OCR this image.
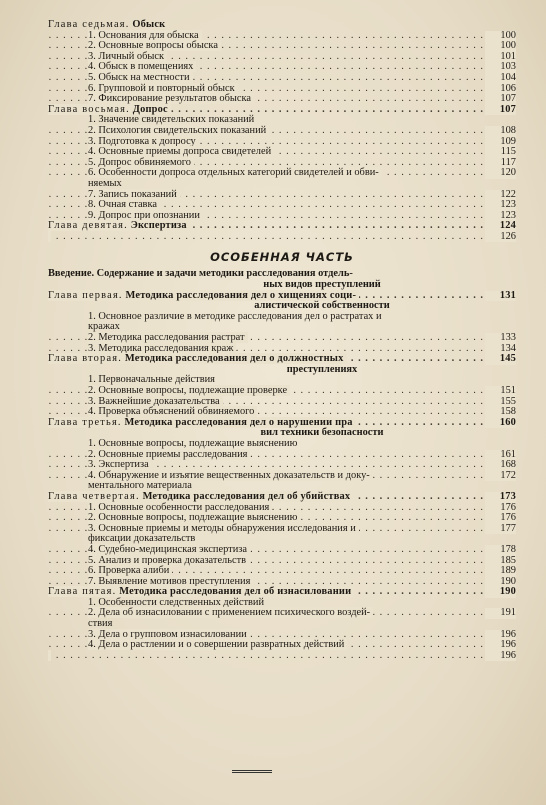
Глава седьмая. Обыск
1. Основания для обыска	100
. . .
2. Основные вопросы обыска	100
. . .
3. Личный обыск	101
. . .
4. Обыск в помещениях	103
. . .
5. Обыск на местности	104
. . .
6. Групповой и повторный обыск	106
. . .
7. Фиксирование результатов обыска	107
. . .
Глава восьмая. Допрос	107
. . .
1. Значение свидетельских показаний
2. Психология свидетельских показаний	108
. . .
3. Подготовка к допросу	109
. . .
4. Основные приемы допроса свидетелей	115
. . .
5. Допрос обвиняемого	117
. . .
6. Особенности допроса отдельных категорий свидетелей и обви-	120
. . .
няемых
7. Запись показаний	122
. . .
8. Очная ставка	123
. . .
9. Допрос при опознании	123
. . .
Глава девятая. Экспертиза	124
. . .
126
. . .
ОСОБЕННАЯ ЧАСТЬ
Введение. Содержание и задачи методики расследования отдель-
ных видов преступлений
Глава первая. Методика расследования дел о хищениях соци-	131
. . .
алистической собственности
1. Основное различие в методике расследования дел о растратах и
кражах
2. Методика расследования растрат	133
. . .
3. Методика расследования краж	134
. . .
Глава вторая. Методика расследования дел о должностных	145
. . .
преступлениях
1. Первоначальные действия
2. Основные вопросы, подлежащие проверке	151
. . .
3. Важнейшие доказательства	155
. . .
4. Проверка объяснений обвиняемого	158
. . .
Глава третья. Методика расследования дел о нарушении пра	160
. . .
вил техники безопасности
1. Основные вопросы, подлежащие выяснению
2. Основные приемы расследования	161
. . .
3. Экспертиза	168
. . .
4. Обнаружение и изъятие вещественных доказательств и доку-	172
. . .
ментального материала
Глава четвертая. Методика расследования дел об убийствах	173
. . .
1. Основные особенности расследования	176
. . .
2. Основные вопросы, подлежащие выяснению	176
. . .
3. Основные приемы и методы обнаружения исследования и	177
. . .
фиксации доказательств
4. Судебно-медицинская экспертиза	178
. . .
5. Анализ и проверка доказательств	185
. . .
6. Проверка алиби	189
. . .
7. Выявление мотивов преступления	190
. . .
Глава пятая. Методика расследования дел об изнасиловании	190
. . .
1. Особенности следственных действий
2. Дела об изнасиловании с применением психического воздей-	191
. . .
ствия
3. Дела о групповом изнасиловании	196
. . .
4. Дела о растлении и о совершении развратных действий	196
. . .
196
. . .
